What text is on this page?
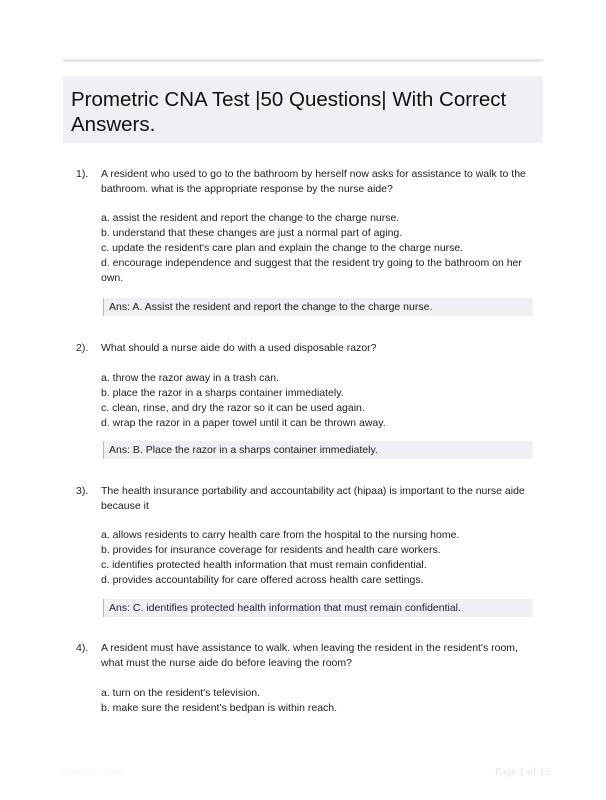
Prometric CNA Test |50 Questions| With Correct Answers.
1). A resident who used to go to the bathroom by herself now asks for assistance to walk to the bathroom. what is the appropriate response by the nurse aide?

a. assist the resident and report the change to the charge nurse.
b. understand that these changes are just a normal part of aging.
c. update the resident's care plan and explain the change to the charge nurse.
d. encourage independence and suggest that the resident try going to the bathroom on her own.
Ans: A. Assist the resident and report the change to the charge nurse.
2). What should a nurse aide do with a used disposable razor?

a. throw the razor away in a trash can.
b. place the razor in a sharps container immediately.
c. clean, rinse, and dry the razor so it can be used again.
d. wrap the razor in a paper towel until it can be thrown away.
Ans: B. Place the razor in a sharps container immediately.
3). The health insurance portability and accountability act (hipaa) is important to the nurse aide because it

a. allows residents to carry health care from the hospital to the nursing home.
b. provides for insurance coverage for residents and health care workers.
c. identifies protected health information that must remain confidential.
d. provides accountability for care offered across health care settings.
Ans: C. identifies protected health information that must remain confidential.
4). A resident must have assistance to walk. when leaving the resident in the resident's room, what must the nurse aide do before leaving the room?

a. turn on the resident's television.
b. make sure the resident's bedpan is within reach.
Paperlibs.com	Page 1 of 12
